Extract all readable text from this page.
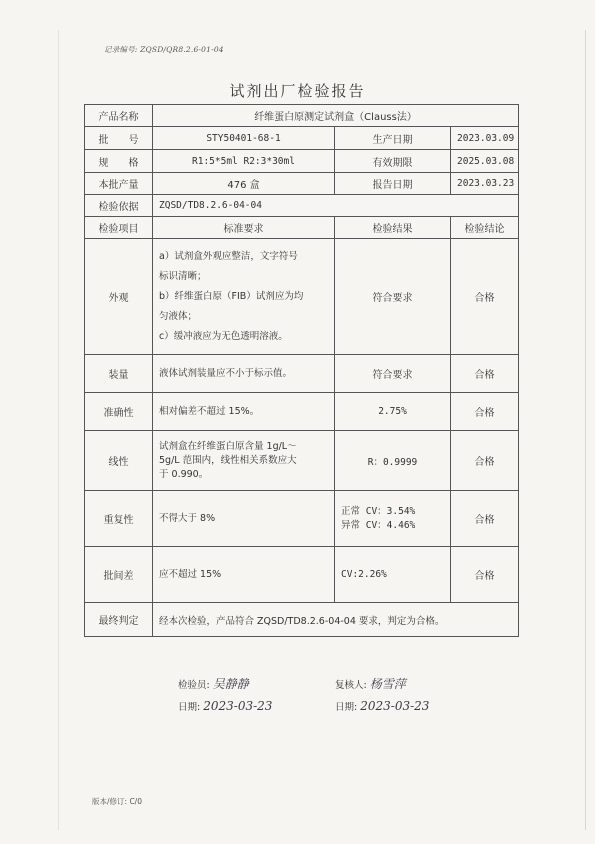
记录编号: ZQSD/QR8.2.6-01-04
试剂出厂检验报告
产品名称	纤维蛋白原测定试剂盒（Clauss法）		
批　　号	STY50401-68-1	生产日期	2023.03.09
规　　格	R1:5*5ml R2:3*30ml	有效期限	2025.03.08
本批产量	476 盒	报告日期	2023.03.23
检验依据	ZQSD/TD8.2.6-04-04		
检验项目	标准要求	检验结果	检验结论
外观	a）试剂盒外观应整洁，文字符号
标识清晰；
b）纤维蛋白原（FIB）试剂应为均
匀液体；
c）缓冲液应为无色透明溶液。	符合要求	合格
装量	液体试剂装量应不小于标示值。	符合要求	合格
准确性	相对偏差不超过 15%。	2.75%	合格
线性	试剂盒在纤维蛋白原含量 1g/L～
5g/L 范围内，线性相关系数应大
于 0.990。	R：0.9999	合格
重复性	不得大于 8%	正常 CV：3.54%
异常 CV：4.46%	合格
批间差	应不超过 15%	CV:2.26%	合格
最终判定	经本次检验，产品符合 ZQSD/TD8.2.6-04-04 要求，判定为合格。		
检验员: 吴静静
日期: 2023-03-23
复核人: 杨雪萍
日期: 2023-03-23
版本/修订: C/0
